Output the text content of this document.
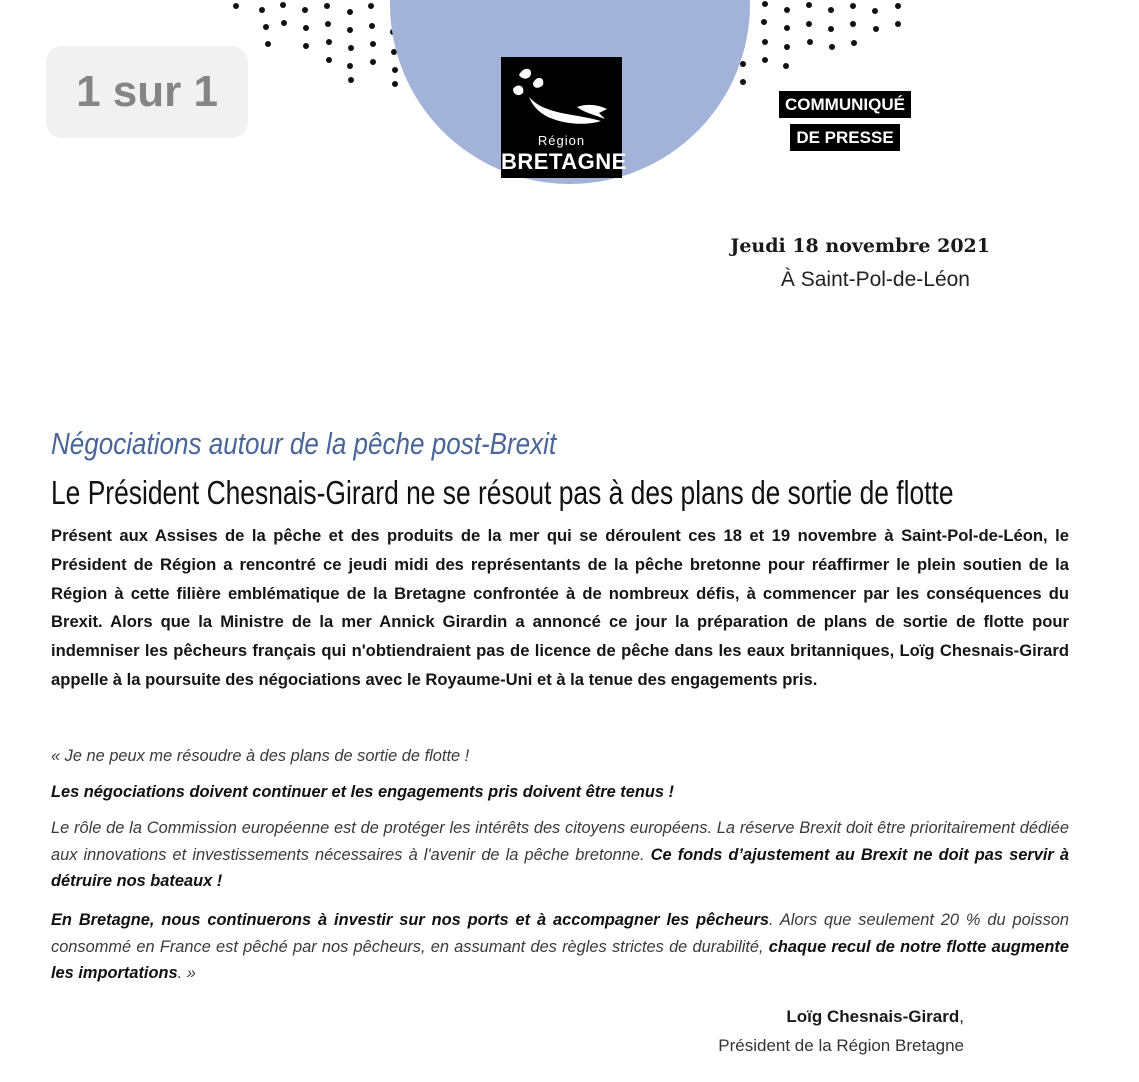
1 sur 1
Région
BRETAGNE
COMMUNIQUÉ
DE PRESSE
Jeudi 18 novembre 2021
À Saint-Pol-de-Léon
Négociations autour de la pêche post-Brexit
Le Président Chesnais-Girard ne se résout pas à des plans de sortie de flotte
Présent aux Assises de la pêche et des produits de la mer qui se déroulent ces 18 et 19 novembre à Saint-Pol-de-Léon, le Président de Région a rencontré ce jeudi midi des représentants de la pêche bretonne pour réaffirmer le plein soutien de la Région à cette filière emblématique de la Bretagne confrontée à de nombreux défis, à commencer par les conséquences du Brexit. Alors que la Ministre de la mer Annick Girardin a annoncé ce jour la préparation de plans de sortie de flotte pour indemniser les pêcheurs français qui n'obtiendraient pas de licence de pêche dans les eaux britanniques, Loïg Chesnais-Girard appelle à la poursuite des négociations avec le Royaume-Uni et à la tenue des engagements pris.
« Je ne peux me résoudre à des plans de sortie de flotte !
Les négociations doivent continuer et les engagements pris doivent être tenus !
Le rôle de la Commission européenne est de protéger les intérêts des citoyens européens. La réserve Brexit doit être prioritairement dédiée aux innovations et investissements nécessaires à l'avenir de la pêche bretonne. Ce fonds d’ajustement au Brexit ne doit pas servir à détruire nos bateaux !
En Bretagne, nous continuerons à investir sur nos ports et à accompagner les pêcheurs. Alors que seulement 20 % du poisson consommé en France est pêché par nos pêcheurs, en assumant des règles strictes de durabilité, chaque recul de notre flotte augmente les importations. »
Loïg Chesnais-Girard,
Président de la Région Bretagne
